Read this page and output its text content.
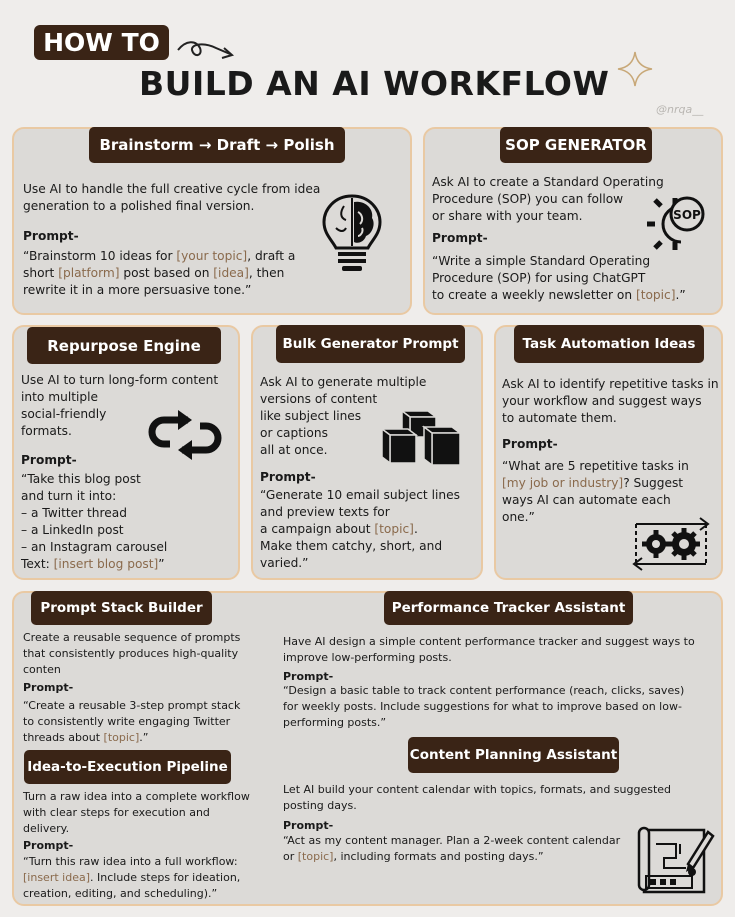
HOW TO
BUILD AN AI WORKFLOW
@nrqa__
Brainstorm → Draft → Polish
Use AI to handle the full creative cycle from idea
generation to a polished final version.
Prompt-
“Brainstorm 10 ideas for [your topic], draft a
short [platform] post based on [idea], then
rewrite it in a more persuasive tone.”
SOP GENERATOR
Ask AI to create a Standard Operating
Procedure (SOP) you can follow
or share with your team.
Prompt-
“Write a simple Standard Operating
Procedure (SOP) for using ChatGPT
to create a weekly newsletter on [topic].”
SOP
Repurpose Engine
Use AI to turn long-form content
into multiple
social-friendly
formats.
Prompt-
“Take this blog post
and turn it into:
– a Twitter thread
– a LinkedIn post
– an Instagram carousel
Text: [insert blog post]”
Bulk Generator Prompt
Ask AI to generate multiple
versions of content
like subject lines
or captions
all at once.
Prompt-
“Generate 10 email subject lines
and preview texts for
a campaign about [topic].
Make them catchy, short, and
varied.”
Task Automation Ideas
Ask AI to identify repetitive tasks in
your workflow and suggest ways
to automate them.
Prompt-
“What are 5 repetitive tasks in
[my job or industry]? Suggest
ways AI can automate each
one.”
Prompt Stack Builder
Create a reusable sequence of prompts
that consistently produces high-quality
conten
Prompt-
“Create a reusable 3-step prompt stack
to consistently write engaging Twitter
threads about [topic].”
Idea-to-Execution Pipeline
Turn a raw idea into a complete workflow
with clear steps for execution and
delivery.
Prompt-
“Turn this raw idea into a full workflow:
[insert idea]. Include steps for ideation,
creation, editing, and scheduling).”
Performance Tracker Assistant
Have AI design a simple content performance tracker and suggest ways to
improve low-performing posts.
Prompt-
“Design a basic table to track content performance (reach, clicks, saves)
for weekly posts. Include suggestions for what to improve based on low-
performing posts.”
Content Planning Assistant
Let AI build your content calendar with topics, formats, and suggested
posting days.
Prompt-
“Act as my content manager. Plan a 2-week content calendar
or [topic], including formats and posting days.”
